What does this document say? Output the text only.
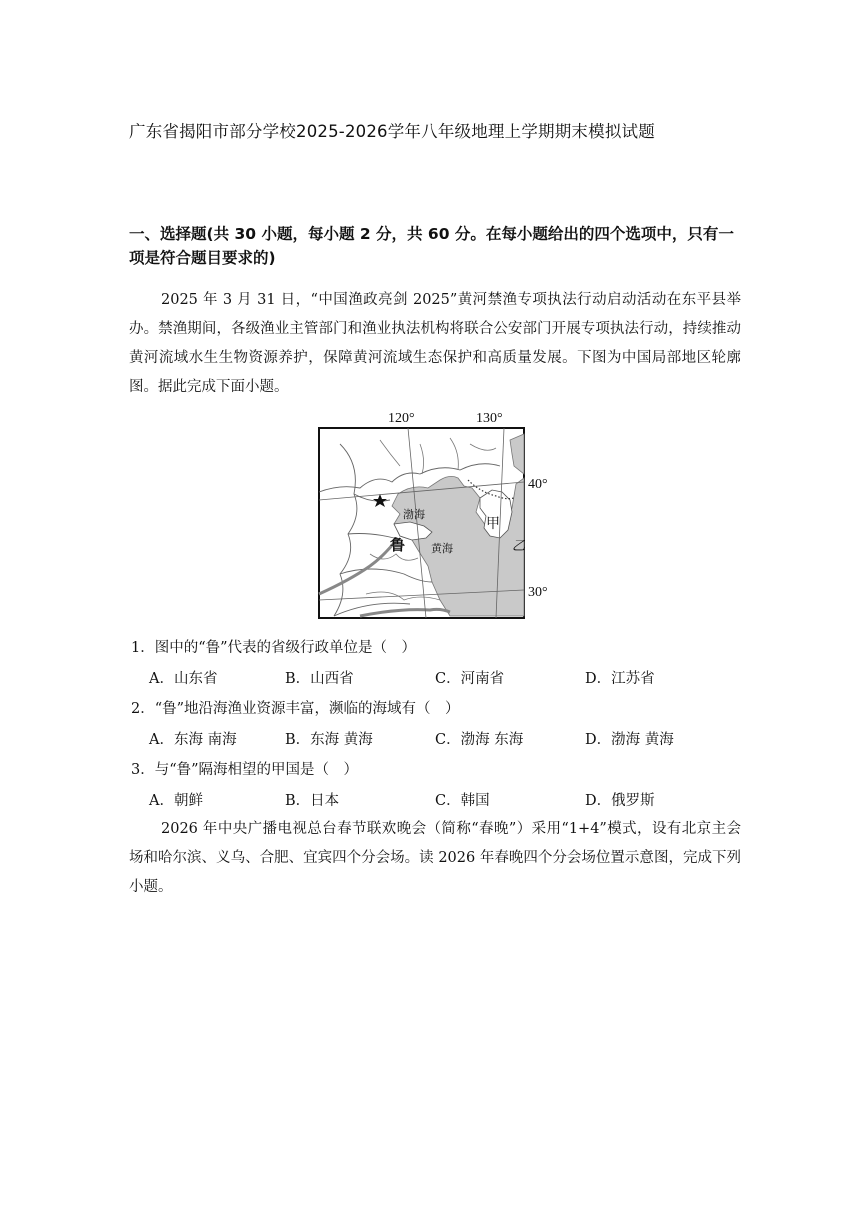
广东省揭阳市部分学校2025-2026学年八年级地理上学期期末模拟试题
一、选择题(共 30 小题，每小题 2 分，共 60 分。在每小题给出的四个选项中，只有一项是符合题目要求的)
2025 年 3 月 31 日，“中国渔政亮剑 2025”黄河禁渔专项执法行动启动活动在东平县举办。禁渔期间，各级渔业主管部门和渔业执法机构将联合公安部门开展专项执法行动，持续推动黄河流域水生生物资源养护，保障黄河流域生态保护和高质量发展。下图为中国局部地区轮廓图。据此完成下面小题。
120°	130°
渤海
鲁 黄海
甲
乙
40°
30°
1．图中的“鲁”代表的省级行政单位是（　）
A．山东省	B．山西省	C．河南省	D．江苏省
2．“鲁”地沿海渔业资源丰富，濒临的海域有（　）
A．东海 南海	B．东海 黄海	C．渤海 东海	D．渤海 黄海
3．与“鲁”隔海相望的甲国是（　）
A．朝鲜	B．日本	C．韩国	D．俄罗斯
2026 年中央广播电视总台春节联欢晚会（简称“春晚”）采用“1+4”模式，设有北京主会场和哈尔滨、义乌、合肥、宜宾四个分会场。读 2026 年春晚四个分会场位置示意图，完成下列小题。
